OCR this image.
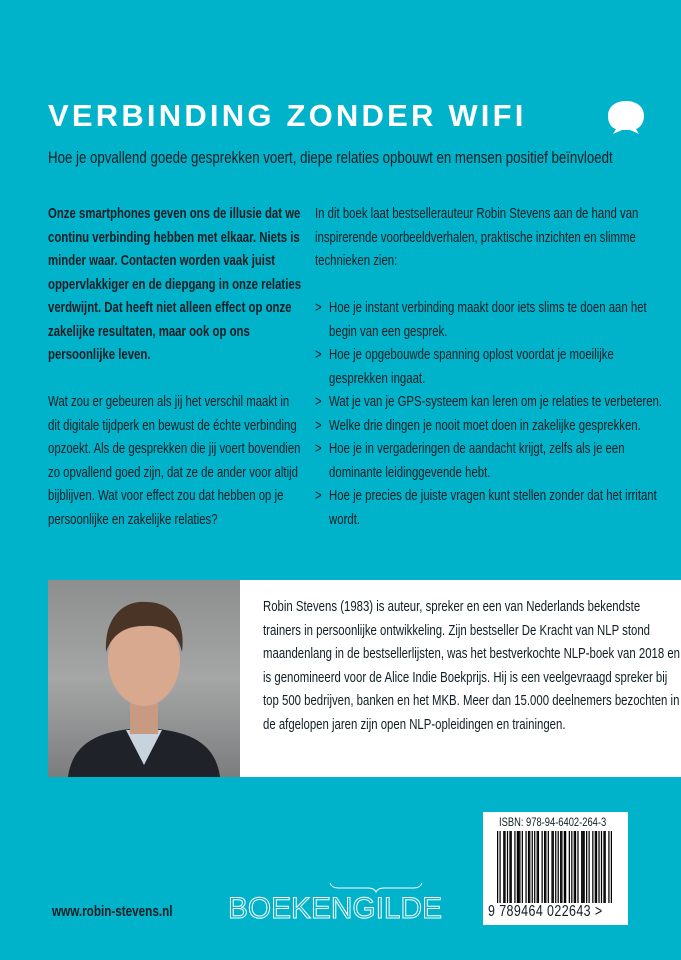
VERBINDING ZONDER WIFI
Hoe je opvallend goede gesprekken voert, diepe relaties opbouwt en mensen positief beïnvloedt

Onze smartphones geven ons de illusie dat we continu verbinding hebben met elkaar. Niets is minder waar. Contacten worden vaak juist oppervlakkiger en de diepgang in onze relaties verdwijnt. Dat heeft niet alleen effect op onze zakelijke resultaten, maar ook op ons persoonlijke leven.

Wat zou er gebeuren als jij het verschil maakt in dit digitale tijdperk en bewust de échte verbinding opzoekt. Als de gesprekken die jij voert bovendien zo opvallend goed zijn, dat ze de ander voor altijd bijblijven. Wat voor effect zou dat hebben op je persoonlijke en zakelijke relaties?

In dit boek laat bestsellerauteur Robin Stevens aan de hand van inspirerende voorbeeldverhalen, praktische inzichten en slimme technieken zien:

> Hoe je instant verbinding maakt door iets slims te doen aan het begin van een gesprek.
> Hoe je opgebouwde spanning oplost voordat je moeilijke gesprekken ingaat.
> Wat je van je GPS-systeem kan leren om je relaties te verbeteren.
> Welke drie dingen je nooit moet doen in zakelijke gesprekken.
> Hoe je in vergaderingen de aandacht krijgt, zelfs als je een dominante leidinggevende hebt.
> Hoe je precies de juiste vragen kunt stellen zonder dat het irritant wordt.
Robin Stevens (1983) is auteur, spreker en een van Nederlands bekendste trainers in persoonlijke ontwikkeling. Zijn bestseller De Kracht van NLP stond maandenlang in de bestsellerlijsten, was het bestverkochte NLP-boek van 2018 en is genomineerd voor de Alice Indie Boekprijs. Hij is een veelgevraagd spreker bij top 500 bedrijven, banken en het MKB. Meer dan 15.000 deelnemers bezochten in de afgelopen jaren zijn open NLP-opleidingen en trainingen.
www.robin-stevens.nl BOEKENGILDE
ISBN: 978-94-6402-264-3
9 789464 022643 >
